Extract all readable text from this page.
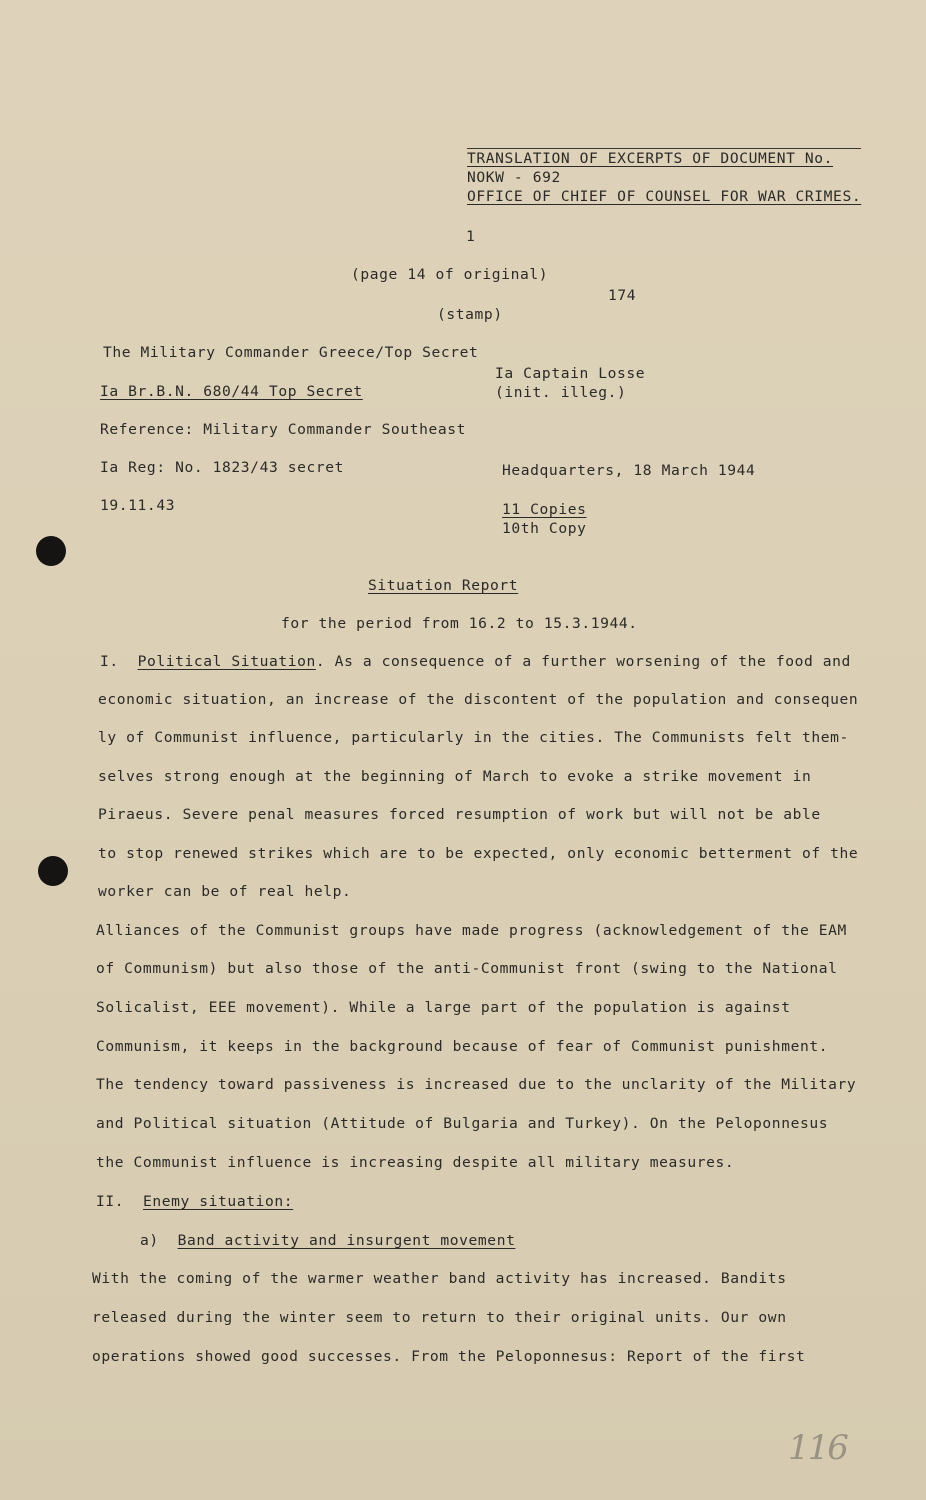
TRANSLATION OF EXCERPTS OF DOCUMENT No.
NOKW - 692
OFFICE OF CHIEF OF COUNSEL FOR WAR CRIMES.
1
(page 14 of original)
174
(stamp)
The Military Commander Greece/Top Secret
Ia Captain Losse
Ia Br.B.N. 680/44 Top Secret	(init. illeg.)
Reference: Military Commander Southeast
Ia Reg: No. 1823/43 secret	Headquarters, 18 March 1944
19.11.43	11 Copies
10th Copy
Situation Report
for the period from 16.2 to 15.3.1944.
I. Political Situation. As a consequence of a further worsening of the food and
economic situation, an increase of the discontent of the population and consequen
ly of Communist influence, particularly in the cities. The Communists felt them-
selves strong enough at the beginning of March to evoke a strike movement in
Piraeus. Severe penal measures forced resumption of work but will not be able
to stop renewed strikes which are to be expected, only economic betterment of the
worker can be of real help.
Alliances of the Communist groups have made progress (acknowledgement of the EAM
of Communism) but also those of the anti-Communist front (swing to the National
Solicalist, EEE movement). While a large part of the population is against
Communism, it keeps in the background because of fear of Communist punishment.
The tendency toward passiveness is increased due to the unclarity of the Military
and Political situation (Attitude of Bulgaria and Turkey). On the Peloponnesus
the Communist influence is increasing despite all military measures.
II. Enemy situation:
a) Band activity and insurgent movement
With the coming of the warmer weather band activity has increased. Bandits
released during the winter seem to return to their original units. Our own
operations showed good successes. From the Peloponnesus: Report of the first
116
